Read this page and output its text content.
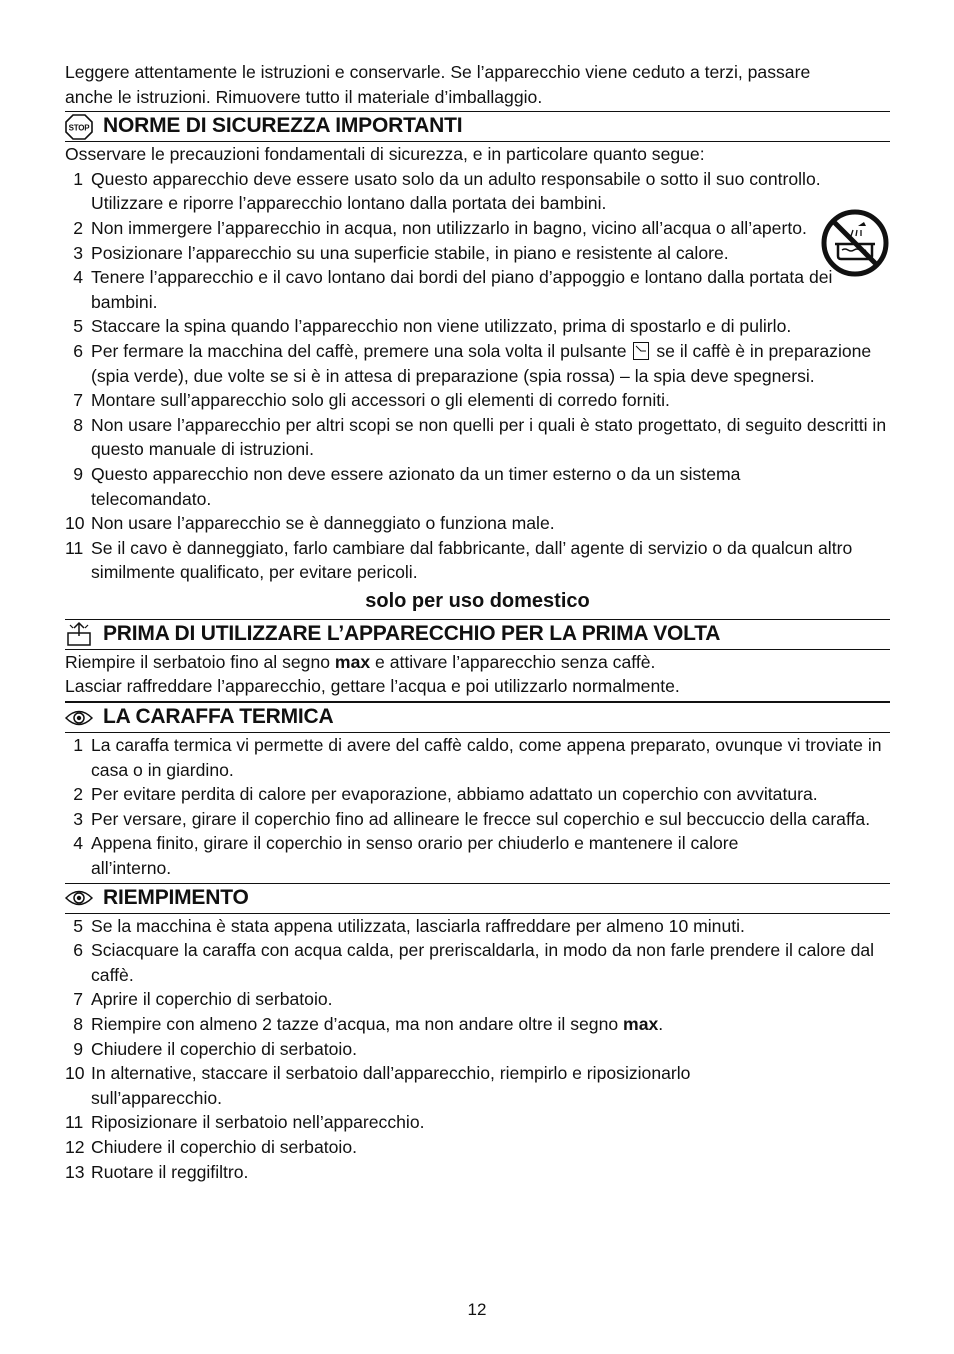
Leggere attentamente le istruzioni e conservarle. Se l’apparecchio viene ceduto a terzi, passare
anche le istruzioni. Rimuovere tutto il materiale d’imballaggio.

STOP NORME DI SICUREZZA IMPORTANTI

Osservare le precauzioni fondamentali di sicurezza, e in particolare quanto segue:

1 Questo apparecchio deve essere usato solo da un adulto responsabile o sotto il suo controllo. Utilizzare e riporre l’apparecchio lontano dalla portata dei bambini.
2 Non immergere l’apparecchio in acqua, non utilizzarlo in bagno, vicino all’acqua o all’aperto.
3 Posizionare l’apparecchio su una superficie stabile, in piano e resistente al calore.
4 Tenere l’apparecchio e il cavo lontano dai bordi del piano d’appoggio e lontano dalla portata dei bambini.
5 Staccare la spina quando l’apparecchio non viene utilizzato, prima di spostarlo e di pulirlo.
6 Per fermare la macchina del caffè, premere una sola volta il pulsante se il caffè è in preparazione (spia verde), due volte se si è in attesa di preparazione (spia rossa) – la spia deve spegnersi.
7 Montare sull’apparecchio solo gli accessori o gli elementi di corredo forniti.
8 Non usare l’apparecchio per altri scopi se non quelli per i quali è stato progettato, di seguito descritti in questo manuale di istruzioni.
9 Questo apparecchio non deve essere azionato da un timer esterno o da un sistema telecomandato.
10 Non usare l’apparecchio se è danneggiato o funziona male.
11 Se il cavo è danneggiato, farlo cambiare dal fabbricante, dall’ agente di servizio o da qualcun altro similmente qualificato, per evitare pericoli.
solo per uso domestico
PRIMA DI UTILIZZARE L’APPARECCHIO PER LA PRIMA VOLTA

Riempire il serbatoio fino al segno max e attivare l’apparecchio senza caffè.
Lasciar raffreddare l’apparecchio, gettare l’acqua e poi utilizzarlo normalmente.

LA CARAFFA TERMICA
1 La caraffa termica vi permette di avere del caffè caldo, come appena preparato, ovunque vi troviate in casa o in giardino.
2 Per evitare perdita di calore per evaporazione, abbiamo adattato un coperchio con avvitatura.
3 Per versare, girare il coperchio fino ad allineare le frecce sul coperchio e sul beccuccio della caraffa.
4 Appena finito, girare il coperchio in senso orario per chiuderlo e mantenere il calore all’interno.
RIEMPIMENTO
5 Se la macchina è stata appena utilizzata, lasciarla raffreddare per almeno 10 minuti.
6 Sciacquare la caraffa con acqua calda, per preriscaldarla, in modo da non farle prendere il calore dal caffè.
7 Aprire il coperchio di serbatoio.
8 Riempire con almeno 2 tazze d’acqua, ma non andare oltre il segno max.
9 Chiudere il coperchio di serbatoio.
10 In alternative, staccare il serbatoio dall’apparecchio, riempirlo e riposizionarlo sull’apparecchio.
11 Riposizionare il serbatoio nell’apparecchio.
12 Chiudere il coperchio di serbatoio.
13 Ruotare il reggifiltro.
12
